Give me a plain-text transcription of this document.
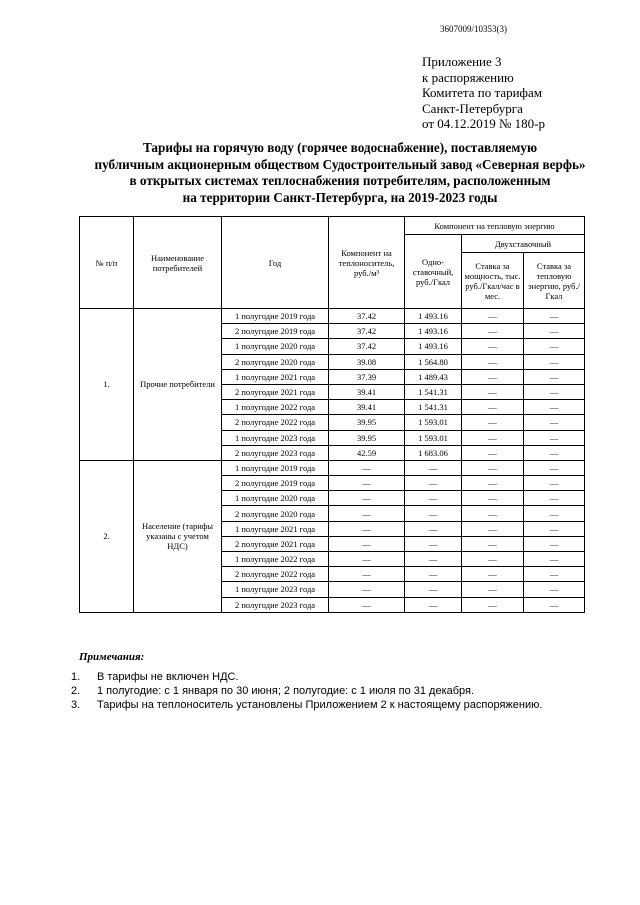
3607009/10353(3)
Приложение 3
к распоряжению
Комитета по тарифам
Санкт-Петербурга
от 04.12.2019 № 180-р
Тарифы на горячую воду (горячее водоснабжение), поставляемую
публичным акционерным обществом Судостроительный завод «Северная верфь»
в открытых системах теплоснабжения потребителям, расположенным
на территории Санкт-Петербурга, на 2019-2023 годы
№ п/п	Наименование потребителей	Год	Компонент на теплоноситель, руб./м³	Компонент на тепловую энергию		
				Одно-ставочный, руб./Гкал	Двухставочный	
					Ставка за мощность, тыс. руб./Гкал/час в мес.	Ставка за тепловую энергию, руб./Гкал
1.	Прочие потребители	1 полугодие 2019 года	37.42	1 493.16	—	—
		2 полугодие 2019 года	37.42	1 493.16	—	—
		1 полугодие 2020 года	37.42	1 493.16	—	—
		2 полугодие 2020 года	39.08	1 564.80	—	—
		1 полугодие 2021 года	37.39	1 489.43	—	—
		2 полугодие 2021 года	39.41	1 541.31	—	—
		1 полугодие 2022 года	39.41	1 541.31	—	—
		2 полугодие 2022 года	39.95	1 593.01	—	—
		1 полугодие 2023 года	39.95	1 593.01	—	—
		2 полугодие 2023 года	42.59	1 683.06	—	—
2.	Население (тарифы указаны с учетом НДС)	1 полугодие 2019 года	—	—	—	—
		2 полугодие 2019 года	—	—	—	—
		1 полугодие 2020 года	—	—	—	—
		2 полугодие 2020 года	—	—	—	—
		1 полугодие 2021 года	—	—	—	—
		2 полугодие 2021 года	—	—	—	—
		1 полугодие 2022 года	—	—	—	—
		2 полугодие 2022 года	—	—	—	—
		1 полугодие 2023 года	—	—	—	—
		2 полугодие 2023 года	—	—	—	—
Примечания:
1. В тарифы не включен НДС.
2. 1 полугодие: с 1 января по 30 июня; 2 полугодие: с 1 июля по 31 декабря.
3. Тарифы на теплоноситель установлены Приложением 2 к настоящему распоряжению.
